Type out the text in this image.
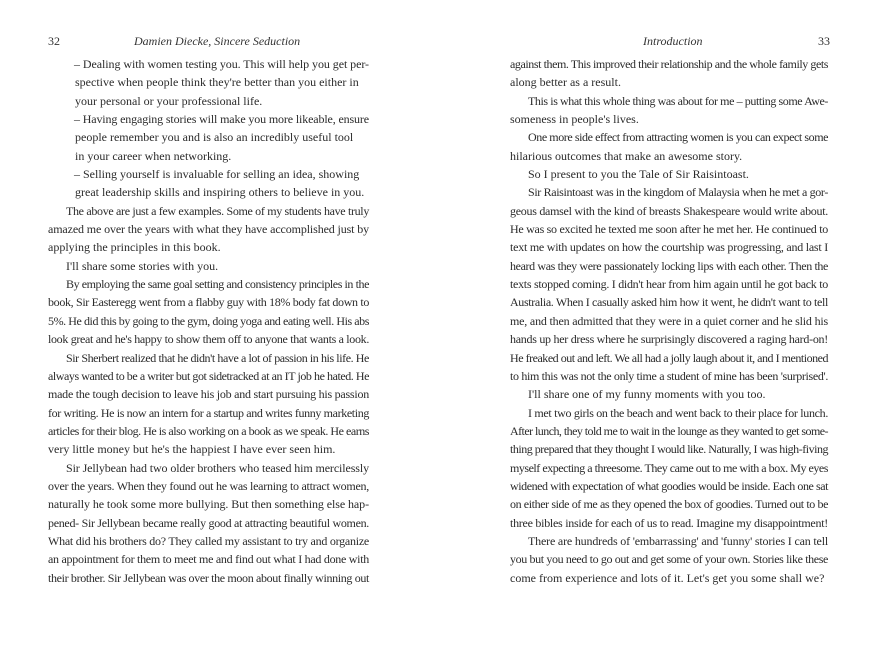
32	Damien Diecke, Sincere Seduction
– Dealing with women testing you. This will help you get per-
spective when people think they're better than you either in
your personal or your professional life.
– Having engaging stories will make you more likeable, ensure
people remember you and is also an incredibly useful tool
in your career when networking.
– Selling yourself is invaluable for selling an idea, showing
great leadership skills and inspiring others to believe in you.
The above are just a few examples. Some of my students have truly
amazed me over the years with what they have accomplished just by
applying the principles in this book.
I'll share some stories with you.
By employing the same goal setting and consistency principles in the
book, Sir Easteregg went from a flabby guy with 18% body fat down to
5%. He did this by going to the gym, doing yoga and eating well. His abs
look great and he's happy to show them off to anyone that wants a look.
Sir Sherbert realized that he didn't have a lot of passion in his life. He
always wanted to be a writer but got sidetracked at an IT job he hated. He
made the tough decision to leave his job and start pursuing his passion
for writing. He is now an intern for a startup and writes funny marketing
articles for their blog. He is also working on a book as we speak. He earns
very little money but he's the happiest I have ever seen him.
Sir Jellybean had two older brothers who teased him mercilessly
over the years. When they found out he was learning to attract women,
naturally he took some more bullying. But then something else hap-
pened- Sir Jellybean became really good at attracting beautiful women.
What did his brothers do? They called my assistant to try and organize
an appointment for them to meet me and find out what I had done with
their brother. Sir Jellybean was over the moon about finally winning out
Introduction	33
against them. This improved their relationship and the whole family gets
along better as a result.
This is what this whole thing was about for me – putting some Awe-
someness in people's lives.
One more side effect from attracting women is you can expect some
hilarious outcomes that make an awesome story.
So I present to you the Tale of Sir Raisintoast.
Sir Raisintoast was in the kingdom of Malaysia when he met a gor-
geous damsel with the kind of breasts Shakespeare would write about.
He was so excited he texted me soon after he met her. He continued to
text me with updates on how the courtship was progressing, and last I
heard was they were passionately locking lips with each other. Then the
texts stopped coming. I didn't hear from him again until he got back to
Australia. When I casually asked him how it went, he didn't want to tell
me, and then admitted that they were in a quiet corner and he slid his
hands up her dress where he surprisingly discovered a raging hard-on!
He freaked out and left. We all had a jolly laugh about it, and I mentioned
to him this was not the only time a student of mine has been 'surprised'.
I'll share one of my funny moments with you too.
I met two girls on the beach and went back to their place for lunch.
After lunch, they told me to wait in the lounge as they wanted to get some-
thing prepared that they thought I would like. Naturally, I was high-fiving
myself expecting a threesome. They came out to me with a box. My eyes
widened with expectation of what goodies would be inside. Each one sat
on either side of me as they opened the box of goodies. Turned out to be
three bibles inside for each of us to read. Imagine my disappointment!
There are hundreds of 'embarrassing' and 'funny' stories I can tell
you but you need to go out and get some of your own. Stories like these
come from experience and lots of it. Let's get you some shall we?
